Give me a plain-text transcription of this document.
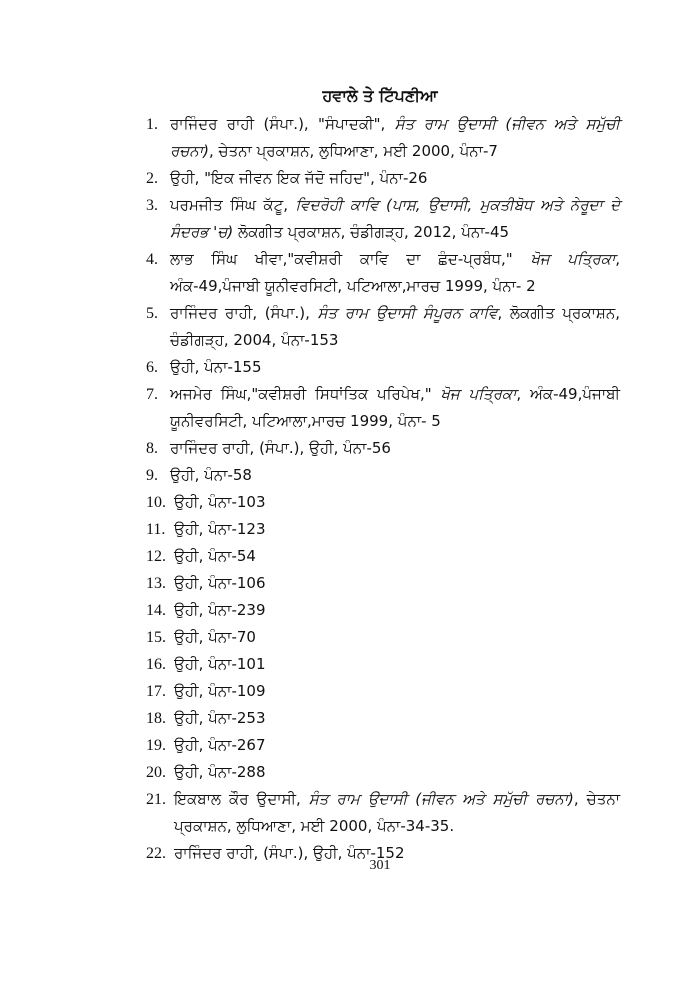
ਹਵਾਲੇ ਤੇ ਟਿੱਪਣੀਆ
1. ਰਾਜਿੰਦਰ ਰਾਹੀ (ਸੰਪਾ.), "ਸੰਪਾਦਕੀ", ਸੰਤ ਰਾਮ ਉਦਾਸੀ (ਜੀਵਨ ਅਤੇ ਸਮੁੱਚੀ ਰਚਨਾ), ਚੇਤਨਾ ਪ੍ਰਕਾਸ਼ਨ, ਲੁਧਿਆਣਾ, ਮਈ 2000, ਪੰਨਾ-7
2. ਉਹੀ, "ਇਕ ਜੀਵਨ ਇਕ ਜੱਦੋ ਜਹਿਦ", ਪੰਨਾ-26
3. ਪਰਮਜੀਤ ਸਿੰਘ ਕੱਟੂ, ਵਿਦਰੋਹੀ ਕਾਵਿ (ਪਾਸ਼, ਉਦਾਸੀ, ਮੁਕਤੀਬੋਧ ਅਤੇ ਨੇਰੂਦਾ ਦੇ ਸੰਦਰਭ 'ਚ) ਲੋਕਗੀਤ ਪ੍ਰਕਾਸ਼ਨ, ਚੰਡੀਗੜ੍ਹ, 2012, ਪੰਨਾ-45
4. ਲਾਭ ਸਿੰਘ ਖੀਵਾ,"ਕਵੀਸ਼ਰੀ ਕਾਵਿ ਦਾ ਛੰਦ-ਪ੍ਰਬੰਧ," ਖੋਜ ਪਤ੍ਰਿਕਾ, ਅੰਕ-49,ਪੰਜਾਬੀ ਯੂਨੀਵਰਸਿਟੀ, ਪਟਿਆਲਾ,ਮਾਰਚ 1999, ਪੰਨਾ- 2
5. ਰਾਜਿੰਦਰ ਰਾਹੀ, (ਸੰਪਾ.), ਸੰਤ ਰਾਮ ਉਦਾਸੀ ਸੰਪੂਰਨ ਕਾਵਿ, ਲੋਕਗੀਤ ਪ੍ਰਕਾਸ਼ਨ, ਚੰਡੀਗੜ੍ਹ, 2004, ਪੰਨਾ-153
6. ਉਹੀ, ਪੰਨਾ-155
7. ਅਜਮੇਰ ਸਿੰਘ,"ਕਵੀਸ਼ਰੀ ਸਿਧਾਂਤਿਕ ਪਰਿਪੇਖ," ਖੋਜ ਪਤ੍ਰਿਕਾ, ਅੰਕ-49,ਪੰਜਾਬੀ ਯੂਨੀਵਰਸਿਟੀ, ਪਟਿਆਲਾ,ਮਾਰਚ 1999, ਪੰਨਾ- 5
8. ਰਾਜਿੰਦਰ ਰਾਹੀ, (ਸੰਪਾ.), ਉਹੀ, ਪੰਨਾ-56
9. ਉਹੀ, ਪੰਨਾ-58
10. ਉਹੀ, ਪੰਨਾ-103
11. ਉਹੀ, ਪੰਨਾ-123
12. ਉਹੀ, ਪੰਨਾ-54
13. ਉਹੀ, ਪੰਨਾ-106
14. ਉਹੀ, ਪੰਨਾ-239
15. ਉਹੀ, ਪੰਨਾ-70
16. ਉਹੀ, ਪੰਨਾ-101
17. ਉਹੀ, ਪੰਨਾ-109
18. ਉਹੀ, ਪੰਨਾ-253
19. ਉਹੀ, ਪੰਨਾ-267
20. ਉਹੀ, ਪੰਨਾ-288
21. ਇਕਬਾਲ ਕੌਰ ਉਦਾਸੀ, ਸੰਤ ਰਾਮ ਉਦਾਸੀ (ਜੀਵਨ ਅਤੇ ਸਮੁੱਚੀ ਰਚਨਾ), ਚੇਤਨਾ ਪ੍ਰਕਾਸ਼ਨ, ਲੁਧਿਆਣਾ, ਮਈ 2000, ਪੰਨਾ-34-35.
22. ਰਾਜਿੰਦਰ ਰਾਹੀ, (ਸੰਪਾ.), ਉਹੀ, ਪੰਨਾ-152
301
